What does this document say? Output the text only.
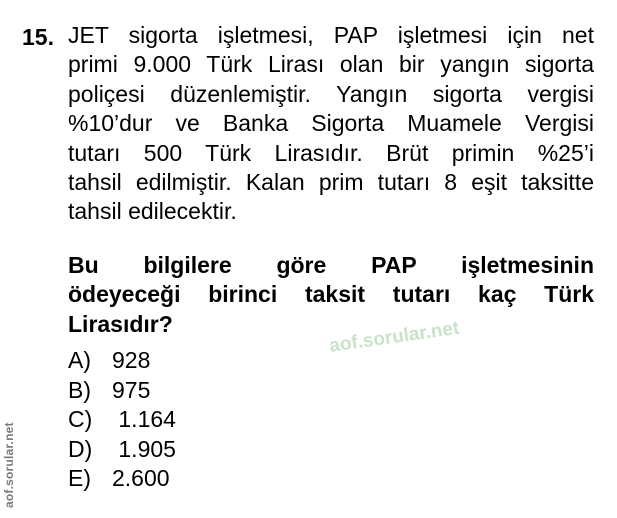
15. JET sigorta işletmesi, PAP işletmesi için net
primi 9.000 Türk Lirası olan bir yangın sigorta
poliçesi düzenlemiştir. Yangın sigorta vergisi
%10’dur ve Banka Sigorta Muamele Vergisi
tutarı 500 Türk Lirasıdır. Brüt primin %25’i
tahsil edilmiştir. Kalan prim tutarı 8 eşit taksitte
tahsil edilecektir.
Bu bilgilere göre PAP işletmesinin
ödeyeceği birinci taksit tutarı kaç Türk
Lirasıdır?
A) 928
B) 975
C) 1.164
D) 1.905
E) 2.600
aof.sorular.net
aof.sorular.net
